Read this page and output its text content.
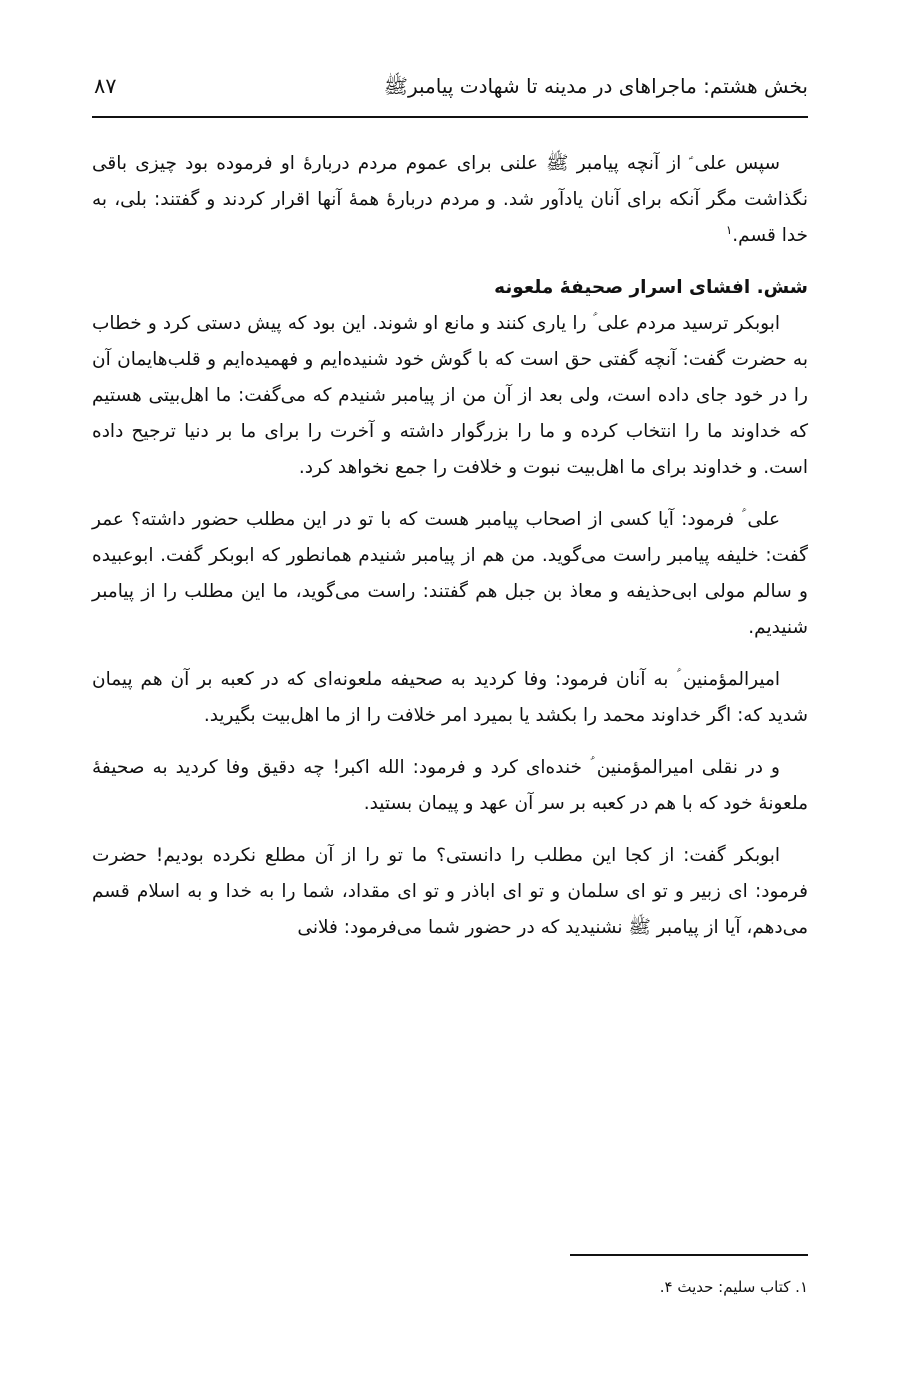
بخش هشتم: ماجراهای در مدینه تا شهادت پیامبرﷺ
۸۷

سپس علی ؑ از آنچه پیامبر ﷺ علنی برای عموم مردم دربارهٔ او فرموده بود چیزی باقی نگذاشت مگر آنکه برای آنان یادآور شد. و مردم دربارهٔ همهٔ آنها اقرار کردند و گفتند: بلی، به خدا قسم.$^۱$

شش. افشای اسرار صحیفهٔ ملعونه

ابوبکر ترسید مردم علی ؑ را یاری کنند و مانع او شوند. این بود که پیش دستی کرد و خطاب به حضرت گفت: آنچه گفتی حق است که با گوش خود شنیده‌ایم و فهمیده‌ایم و قلب‌هایمان آن را در خود جای داده است، ولی بعد از آن من از پیامبر شنیدم که می‌گفت: ما اهل‌بیتی هستیم که خداوند ما را انتخاب کرده و ما را بزرگوار داشته و آخرت را برای ما بر دنیا ترجیح داده است. و خداوند برای ما اهل‌بیت نبوت و خلافت را جمع نخواهد کرد.

علی ؑ فرمود: آیا کسی از اصحاب پیامبر هست که با تو در این مطلب حضور داشته؟ عمر گفت: خلیفه پیامبر راست می‌گوید. من هم از پیامبر شنیدم همانطور که ابوبکر گفت. ابوعبیده و سالم مولی ابی‌حذیفه و معاذ بن جبل هم گفتند: راست می‌گوید، ما این مطلب را از پیامبر شنیدیم.

امیرالمؤمنین ؑ به آنان فرمود: وفا کردید به صحیفه ملعونه‌ای که در کعبه بر آن هم پیمان شدید که: اگر خداوند محمد را بکشد یا بمیرد امر خلافت را از ما اهل‌بیت بگیرید.

و در نقلی امیرالمؤمنین ؑ خنده‌ای کرد و فرمود: الله اکبر! چه دقیق وفا کردید به صحیفهٔ ملعونهٔ خود که با هم در کعبه بر سر آن عهد و پیمان بستید.

ابوبکر گفت: از کجا این مطلب را دانستی؟ ما تو را از آن مطلع نکرده بودیم! حضرت فرمود: ای زبیر و تو ای سلمان و تو ای اباذر و تو ای مقداد، شما را به خدا و به اسلام قسم می‌دهم، آیا از پیامبر ﷺ نشنیدید که در حضور شما می‌فرمود: فلانی

۱. کتاب سلیم: حدیث ۴.
